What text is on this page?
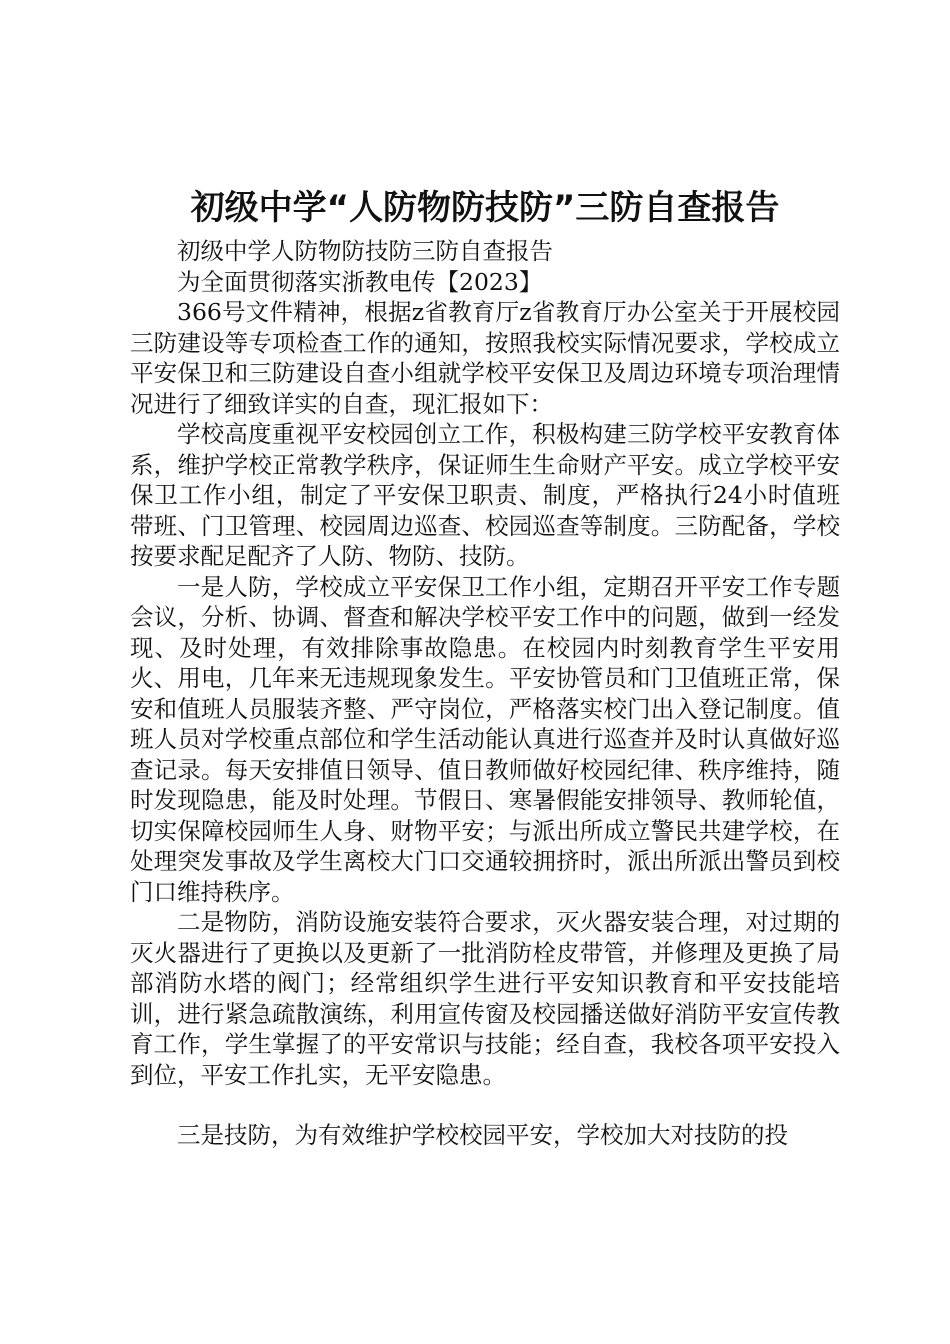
初级中学“人防物防技防”三防自查报告

初级中学人防物防技防三防自查报告

为全面贯彻落实浙教电传【2023】

366号文件精神，根据z省教育厅z省教育厅办公室关于开展校园三防建设等专项检查工作的通知，按照我校实际情况要求，学校成立平安保卫和三防建设自查小组就学校平安保卫及周边环境专项治理情况进行了细致详实的自查，现汇报如下：

学校高度重视平安校园创立工作，积极构建三防学校平安教育体系，维护学校正常教学秩序，保证师生生命财产平安。成立学校平安保卫工作小组，制定了平安保卫职责、制度，严格执行24小时值班带班、门卫管理、校园周边巡查、校园巡查等制度。三防配备，学校按要求配足配齐了人防、物防、技防。

一是人防，学校成立平安保卫工作小组，定期召开平安工作专题会议，分析、协调、督查和解决学校平安工作中的问题，做到一经发现、及时处理，有效排除事故隐患。在校园内时刻教育学生平安用火、用电，几年来无违规现象发生。平安协管员和门卫值班正常，保安和值班人员服装齐整、严守岗位，严格落实校门出入登记制度。值班人员对学校重点部位和学生活动能认真进行巡查并及时认真做好巡查记录。每天安排值日领导、值日教师做好校园纪律、秩序维持，随时发现隐患，能及时处理。节假日、寒暑假能安排领导、教师轮值，切实保障校园师生人身、财物平安；与派出所成立警民共建学校，在处理突发事故及学生离校大门口交通较拥挤时，派出所派出警员到校门口维持秩序。

二是物防，消防设施安装符合要求，灭火器安装合理，对过期的灭火器进行了更换以及更新了一批消防栓皮带管，并修理及更换了局部消防水塔的阀门；经常组织学生进行平安知识教育和平安技能培训，进行紧急疏散演练，利用宣传窗及校园播送做好消防平安宣传教育工作，学生掌握了的平安常识与技能；经自查，我校各项平安投入到位，平安工作扎实，无平安隐患。

三是技防，为有效维护学校校园平安，学校加大对技防的投
